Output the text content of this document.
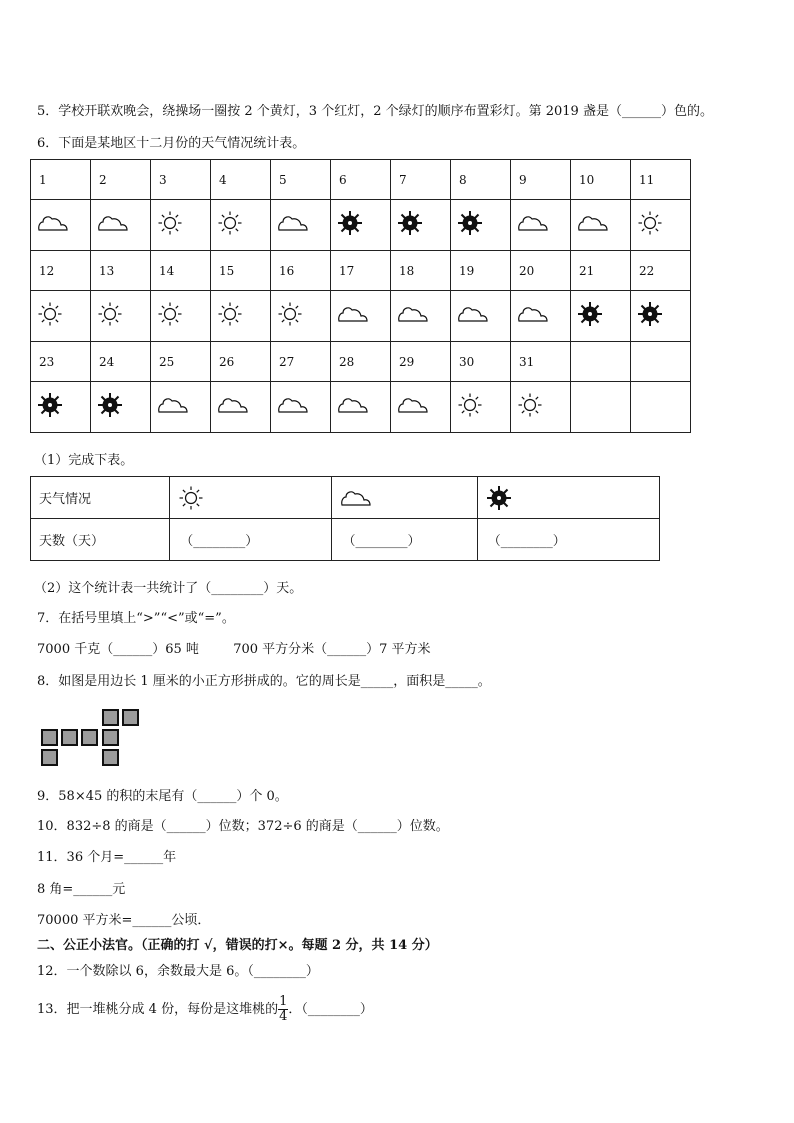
5．学校开联欢晚会，绕操场一圈按 2 个黄灯，3 个红灯，2 个绿灯的顺序布置彩灯。第 2019 盏是（______）色的。
6．下面是某地区十二月份的天气情况统计表。
1	2	3	4	5	6	7	8	9	10	11

12	13	14	15	16	17	18	19	20	21	22

23	24	25	26	27	28	29	30	31		

（1）完成下表。
天气情况	

天数（天）	（________）	（________）	（________）
（2）这个统计表一共统计了（________）天。
7．在括号里填上“>”“<”或“=”。
7000 千克（______）65 吨	700 平方分米（______）7 平方米
8．如图是用边长 1 厘米的小正方形拼成的。它的周长是_____，面积是_____。
9．58×45 的积的末尾有（______）个 0。
10．832÷8 的商是（______）位数；372÷6 的商是（______）位数。
11．36 个月=______年
8 角=______元
70000 平方米=______公顷．
二、公正小法官。（正确的打 √，错误的打×。每题 2 分，共 14 分）
12．一个数除以 6，余数最大是 6。（________）
13．把一堆桃分成 4 份，每份是这堆桃的 $\frac{1}{4}$ ．（________）
